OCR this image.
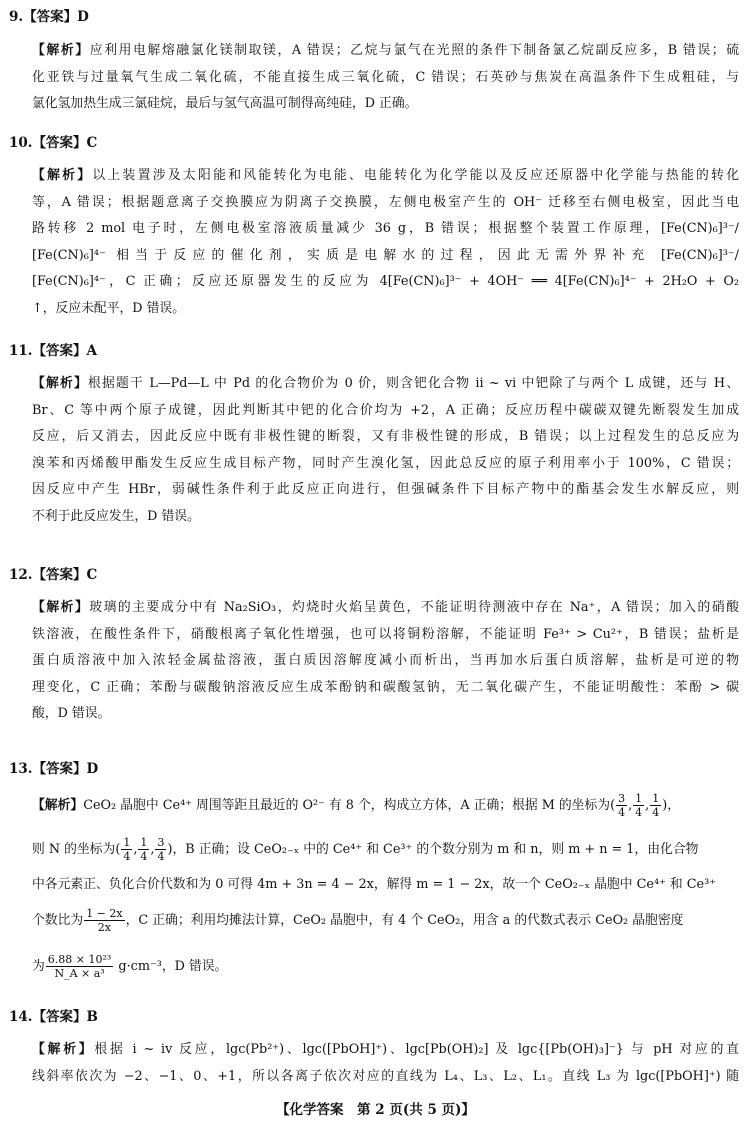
9.【答案】D
【解析】应利用电解熔融氯化镁制取镁，A 错误；乙烷与氯气在光照的条件下制备氯乙烷副反应多，B 错误；硫
化亚铁与过量氧气生成二氧化硫，不能直接生成三氧化硫，C 错误；石英砂与焦炭在高温条件下生成粗硅，与
氯化氢加热生成三氯硅烷，最后与氢气高温可制得高纯硅，D 正确。
10.【答案】C
【解析】以上装置涉及太阳能和风能转化为电能、电能转化为化学能以及反应还原器中化学能与热能的转化
等，A 错误；根据题意离子交换膜应为阴离子交换膜，左侧电极室产生的 OH⁻ 迁移至右侧电极室，因此当电
路转移 2 mol 电子时，左侧电极室溶液质量减少 36 g，B 错误；根据整个装置工作原理，[Fe(CN)₆]³⁻/
[Fe(CN)₆]⁴⁻ 相当于反应的催化剂，实质是电解水的过程，因此无需外界补充 [Fe(CN)₆]³⁻/
[Fe(CN)₆]⁴⁻，C 正确；反应还原器发生的反应为 4[Fe(CN)₆]³⁻ + 4OH⁻ ══ 4[Fe(CN)₆]⁴⁻ + 2H₂O + O₂
↑，反应未配平，D 错误。
11.【答案】A
【解析】根据题干 L—Pd—L 中 Pd 的化合物价为 0 价，则含钯化合物 ii ~ vi 中钯除了与两个 L 成键，还与 H、
Br、C 等中两个原子成键，因此判断其中钯的化合价均为 +2，A 正确；反应历程中碳碳双键先断裂发生加成
反应，后又消去，因此反应中既有非极性键的断裂，又有非极性键的形成，B 错误；以上过程发生的总反应为
溴苯和丙烯酸甲酯发生反应生成目标产物，同时产生溴化氢，因此总反应的原子利用率小于 100%，C 错误；
因反应中产生 HBr，弱碱性条件利于此反应正向进行，但强碱条件下目标产物中的酯基会发生水解反应，则
不利于此反应发生，D 错误。
12.【答案】C
【解析】玻璃的主要成分中有 Na₂SiO₃，灼烧时火焰呈黄色，不能证明待测液中存在 Na⁺，A 错误；加入的硝酸
铁溶液，在酸性条件下，硝酸根离子氧化性增强，也可以将铜粉溶解，不能证明 Fe³⁺ > Cu²⁺，B 错误；盐析是
蛋白质溶液中加入浓轻金属盐溶液，蛋白质因溶解度减小而析出，当再加水后蛋白质溶解，盐析是可逆的物
理变化，C 正确；苯酚与碳酸钠溶液反应生成苯酚钠和碳酸氢钠，无二氧化碳产生，不能证明酸性：苯酚 > 碳
酸，D 错误。
13.【答案】D
【解析】CeO₂ 晶胞中 Ce⁴⁺ 周围等距且最近的 O²⁻ 有 8 个，构成立方体，A 正确；根据 M 的坐标为( $\frac{3}{4}$ , $\frac{1}{4}$ , $\frac{1}{4}$ )，
则 N 的坐标为( $\frac{1}{4}$ , $\frac{1}{4}$ , $\frac{3}{4}$ )，B 正确；设 CeO₂₋ₓ 中的 Ce⁴⁺ 和 Ce³⁺ 的个数分别为 m 和 n，则 m + n = 1，由化合物
中各元素正、负化合价代数和为 0 可得 4m + 3n = 4 − 2x，解得 m = 1 − 2x，故一个 CeO₂₋ₓ 晶胞中 Ce⁴⁺ 和 Ce³⁺
个数比为 $\frac{1 - 2x}{2x}$ ，C 正确；利用均摊法计算，CeO₂ 晶胞中，有 4 个 CeO₂，用含 a 的代数式表示 CeO₂ 晶胞密度
为 $\frac{\text{6.88 × 10²³}}{\text{N\_A × a³}} g\cdot cm^{-3}$，D 错误。
14.【答案】B
【解析】根据 i ~ iv 反应，lgc(Pb²⁺)、lgc([PbOH]⁺)、lgc[Pb(OH)₂] 及 lgc{[Pb(OH)₃]⁻} 与 pH 对应的直
线斜率依次为 −2、−1、0、+1，所以各离子依次对应的直线为 L₄、L₃、L₂、L₁。直线 L₃ 为 lgc([PbOH]⁺) 随
【化学答案　第 2 页(共 5 页)】
